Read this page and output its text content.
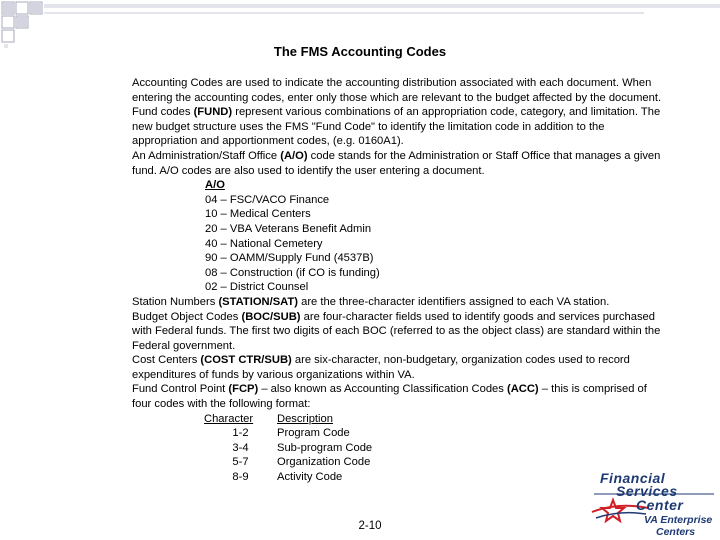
The FMS Accounting Codes

Accounting Codes are used to indicate the accounting distribution associated with each document. When entering the accounting codes, enter only those which are relevant to the budget affected by the document.

Fund codes (FUND) represent various combinations of an appropriation code, category, and limitation. The new budget structure uses the FMS "Fund Code" to identify the limitation code in addition to the appropriation and apportionment codes, (e.g. 0160A1).

An Administration/Staff Office (A/O) code stands for the Administration or Staff Office that manages a given fund. A/O codes are also used to identify the user entering a document.

A/O

04 – FSC/VACO Finance

10 – Medical Centers

20 – VBA Veterans Benefit Admin

40 – National Cemetery

90 – OAMM/Supply Fund (4537B)

08 – Construction (if CO is funding)

02 – District Counsel

Station Numbers (STATION/SAT) are the three-character identifiers assigned to each VA station.

Budget Object Codes (BOC/SUB) are four-character fields used to identify goods and services purchased with Federal funds. The first two digits of each BOC (referred to as the object class) are standard within the Federal government.

Cost Centers (COST CTR/SUB) are six-character, non-budgetary, organization codes used to record expenditures of funds by various organizations within VA.

Fund Control Point (FCP) – also known as Accounting Classification Codes (ACC) – this is comprised of four codes with the following format:

Character	Description
1-2	Program Code
3-4	Sub-program Code
5-7	Organization Code
8-9	Activity Code
2-10
Financial
Services
Center
VA Enterprise
Centers
